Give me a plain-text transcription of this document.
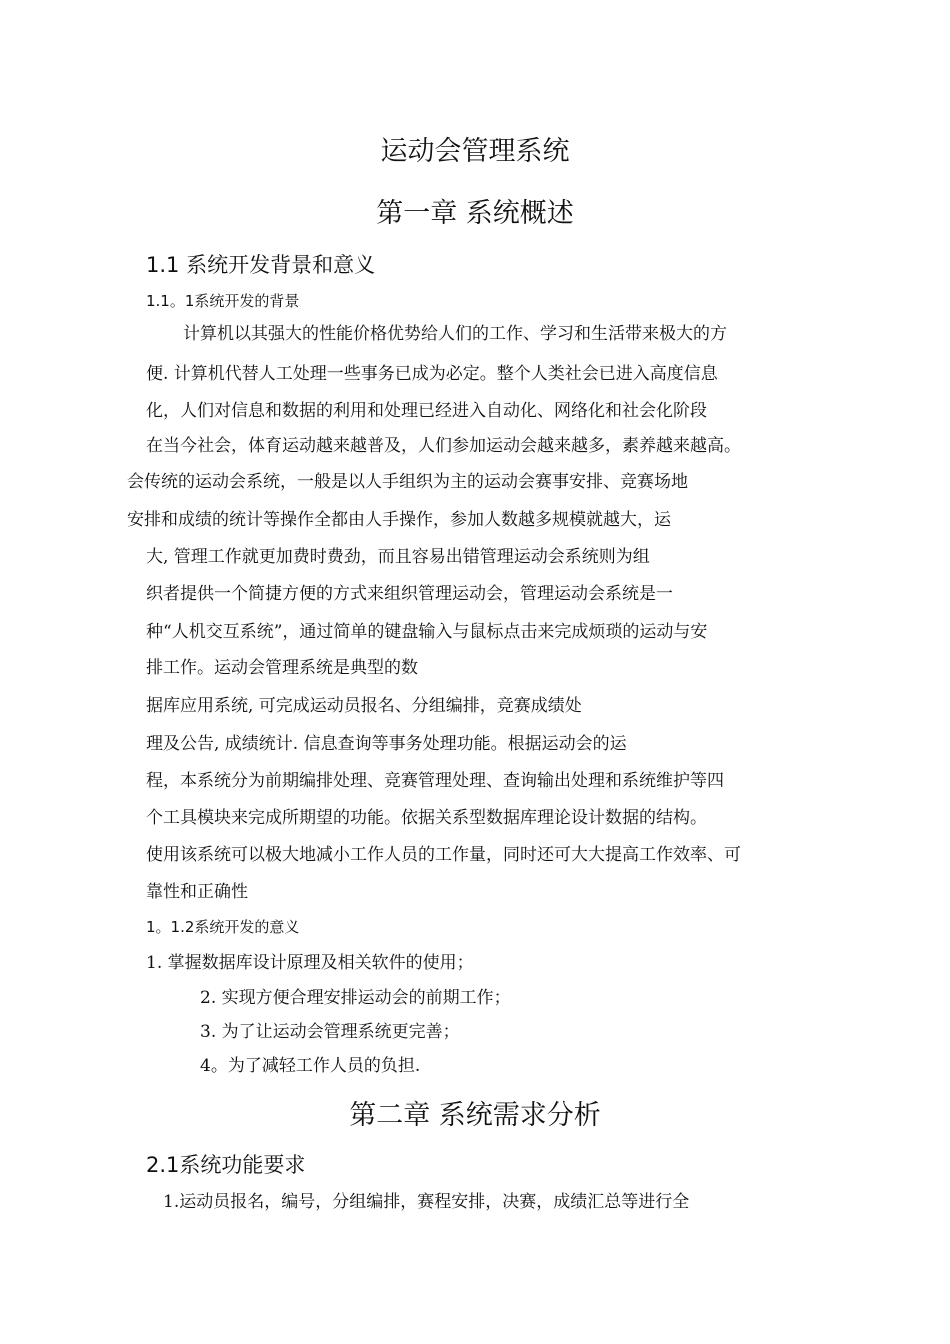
运动会管理系统
第一章 系统概述
1.1 系统开发背景和意义
1.1。1系统开发的背景
计算机以其强大的性能价格优势给人们的工作、学习和生活带来极大的方
便. 计算机代替人工处理一些事务已成为必定。整个人类社会已进入高度信息
化，人们对信息和数据的利用和处理已经进入自动化、网络化和社会化阶段
在当今社会，体育运动越来越普及，人们参加运动会越来越多，素养越来越高。
会传统的运动会系统，一般是以人手组织为主的运动会赛事安排、竞赛场地
安排和成绩的统计等操作全都由人手操作，参加人数越多规模就越大，运
大, 管理工作就更加费时费劲，而且容易出错管理运动会系统则为组
织者提供一个简捷方便的方式来组织管理运动会，管理运动会系统是一
种“人机交互系统”，通过简单的键盘输入与鼠标点击来完成烦琐的运动与安
排工作。运动会管理系统是典型的数
据库应用系统, 可完成运动员报名、分组编排，竞赛成绩处
理及公告, 成绩统计. 信息查询等事务处理功能。根据运动会的运
程，本系统分为前期编排处理、竞赛管理处理、查询输出处理和系统维护等四
个工具模块来完成所期望的功能。依据关系型数据库理论设计数据的结构。
使用该系统可以极大地减小工作人员的工作量，同时还可大大提高工作效率、可
靠性和正确性
1。1.2系统开发的意义
1. 掌握数据库设计原理及相关软件的使用；
2. 实现方便合理安排运动会的前期工作；
3. 为了让运动会管理系统更完善；
4。为了减轻工作人员的负担.
第二章 系统需求分析
2.1系统功能要求
1.运动员报名，编号，分组编排，赛程安排，决赛，成绩汇总等进行全
